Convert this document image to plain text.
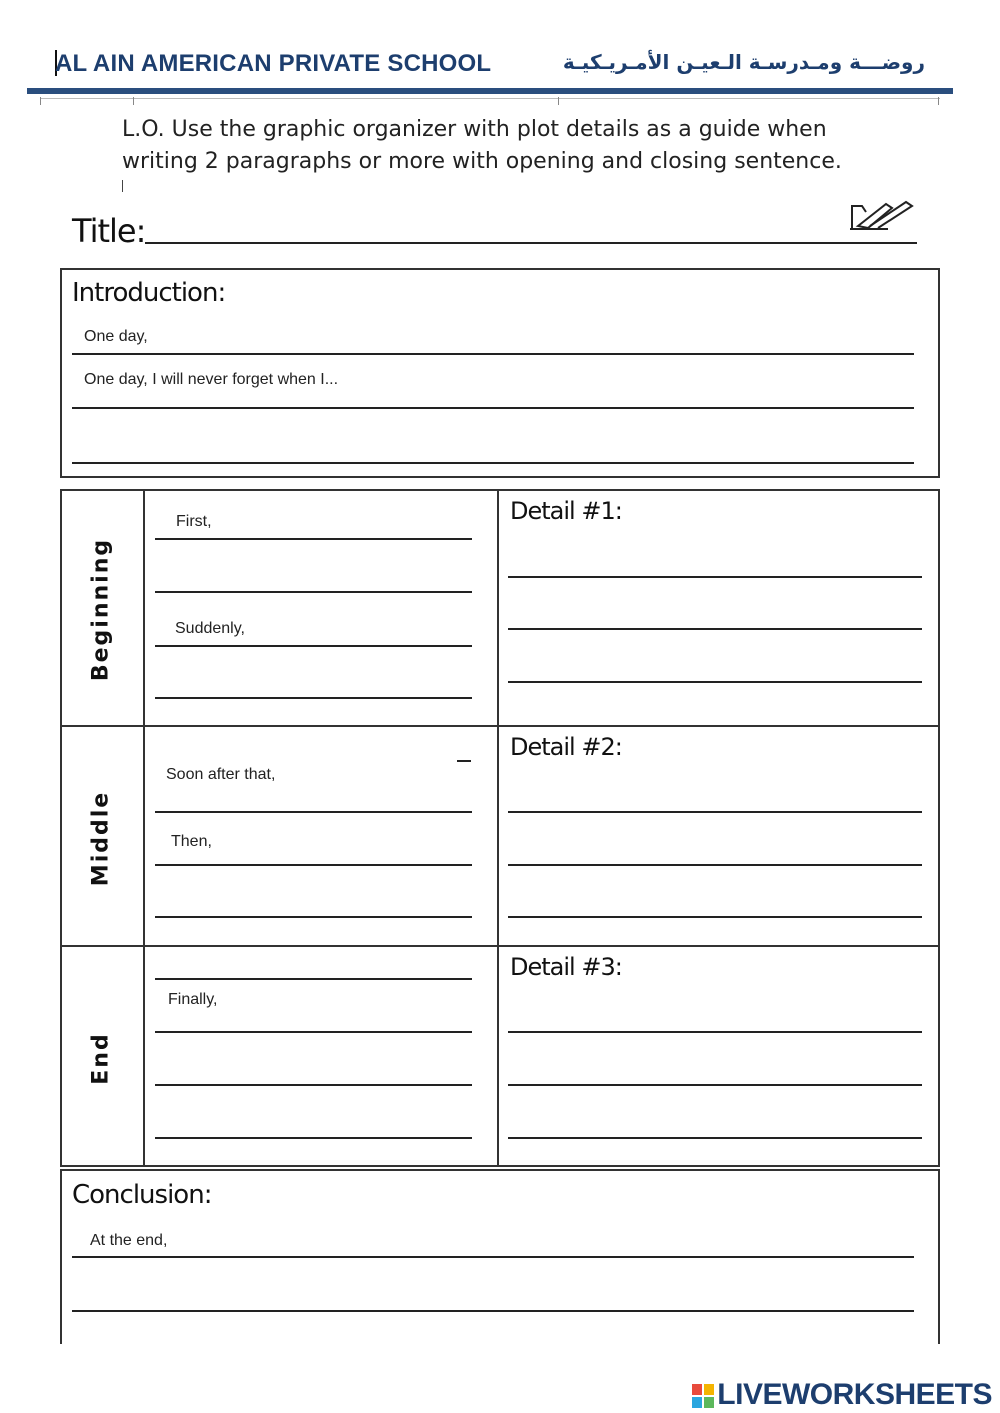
AL AIN AMERICAN PRIVATE SCHOOL	روضـــة ومـدرسـة الـعيـن الأمـريـكيـة
L.O. Use the graphic organizer with plot details as a guide when writing 2 paragraphs or more with opening and closing sentence.
Title:
Introduction:
One day,
One day, I will never forget when I...
Beginning
First,
Suddenly,
Detail #1:
Middle
Soon after that,
Then,
Detail #2:
End
Finally,
Detail #3:
Conclusion:
At the end,
LIVEWORKSHEETS
